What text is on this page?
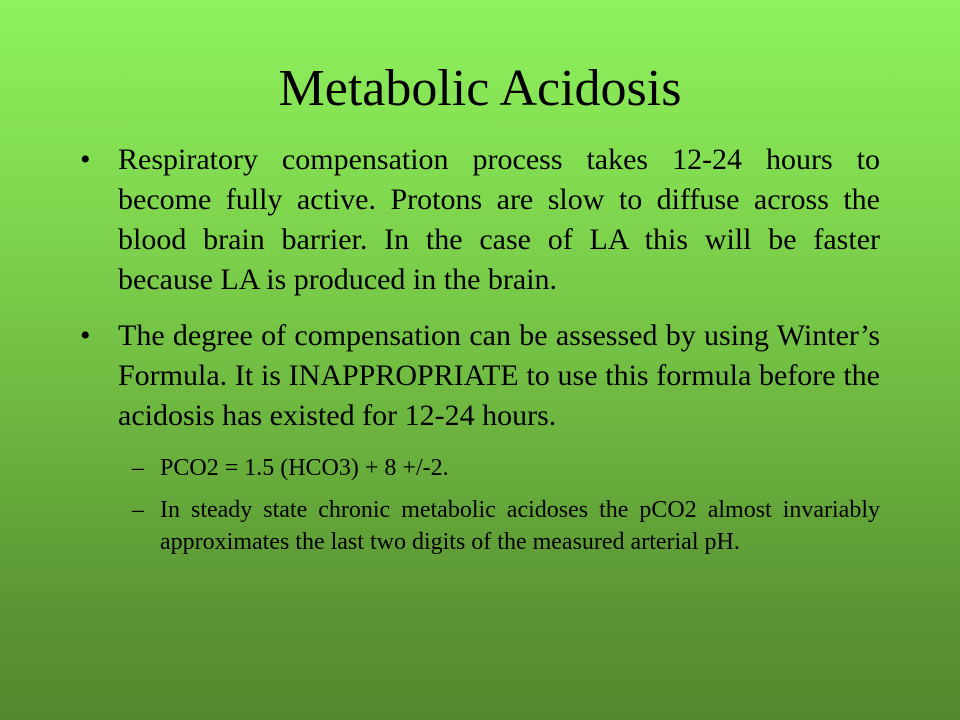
Metabolic Acidosis
• Respiratory compensation process takes 12-24 hours to become fully active. Protons are slow to diffuse across the blood brain barrier. In the case of LA this will be faster because LA is produced in the brain.
• The degree of compensation can be assessed by using Winter’s Formula. It is INAPPROPRIATE to use this formula before the acidosis has existed for 12-24 hours.
– PCO2 = 1.5 (HCO3) + 8 +/-2.
– In steady state chronic metabolic acidoses the pCO2 almost invariably approximates the last two digits of the measured arterial pH.
